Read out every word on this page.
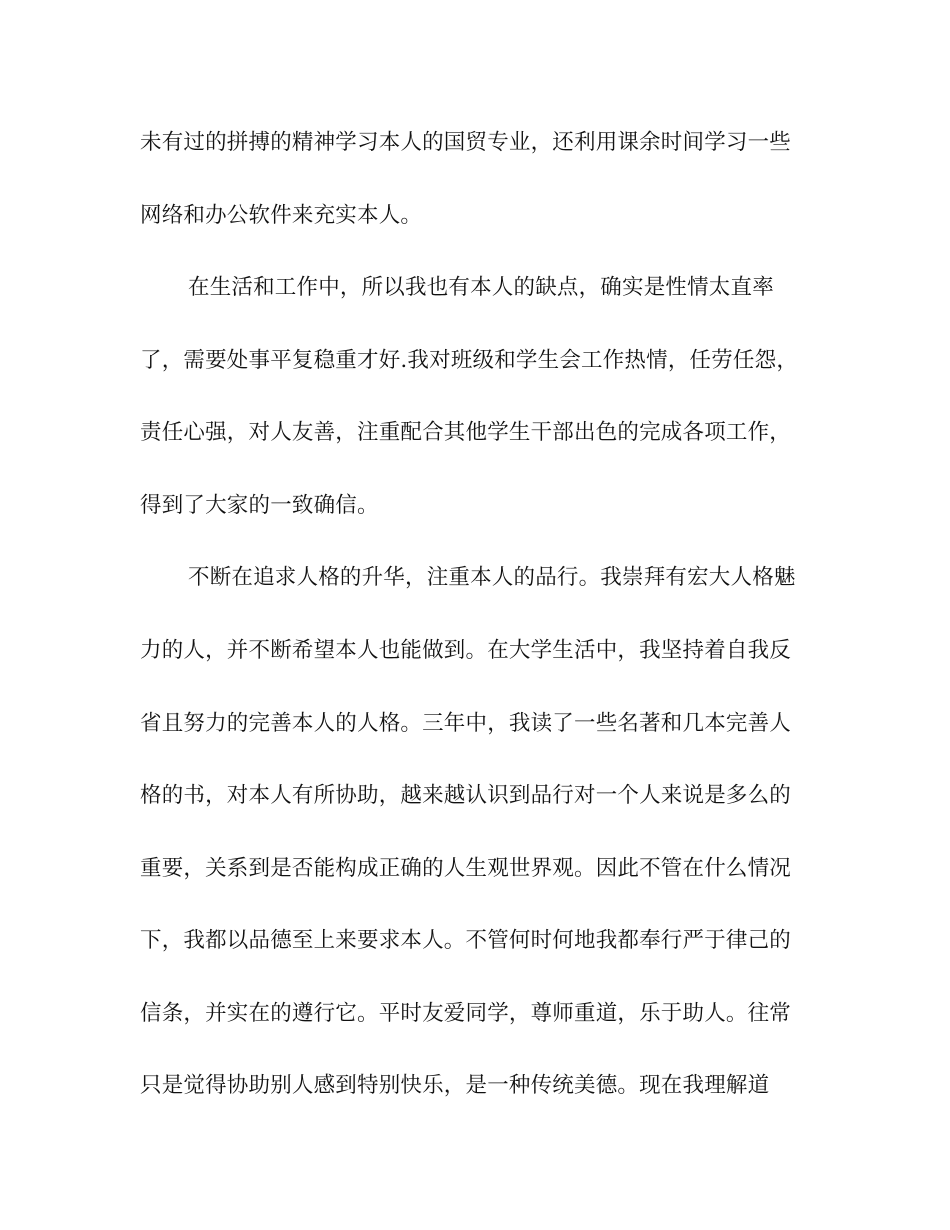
未有过的拼搏的精神学习本人的国贸专业，还利用课余时间学习一些
网络和办公软件来充实本人。
在生活和工作中，所以我也有本人的缺点，确实是性情太直率
了，需要处事平复稳重才好.我对班级和学生会工作热情，任劳任怨，
责任心强，对人友善，注重配合其他学生干部出色的完成各项工作，
得到了大家的一致确信。
不断在追求人格的升华，注重本人的品行。我崇拜有宏大人格魅
力的人，并不断希望本人也能做到。在大学生活中，我坚持着自我反
省且努力的完善本人的人格。三年中，我读了一些名著和几本完善人
格的书，对本人有所协助，越来越认识到品行对一个人来说是多么的
重要，关系到是否能构成正确的人生观世界观。因此不管在什么情况
下，我都以品德至上来要求本人。不管何时何地我都奉行严于律己的
信条，并实在的遵行它。平时友爱同学，尊师重道，乐于助人。往常
只是觉得协助别人感到特别快乐，是一种传统美德。现在我理解道
